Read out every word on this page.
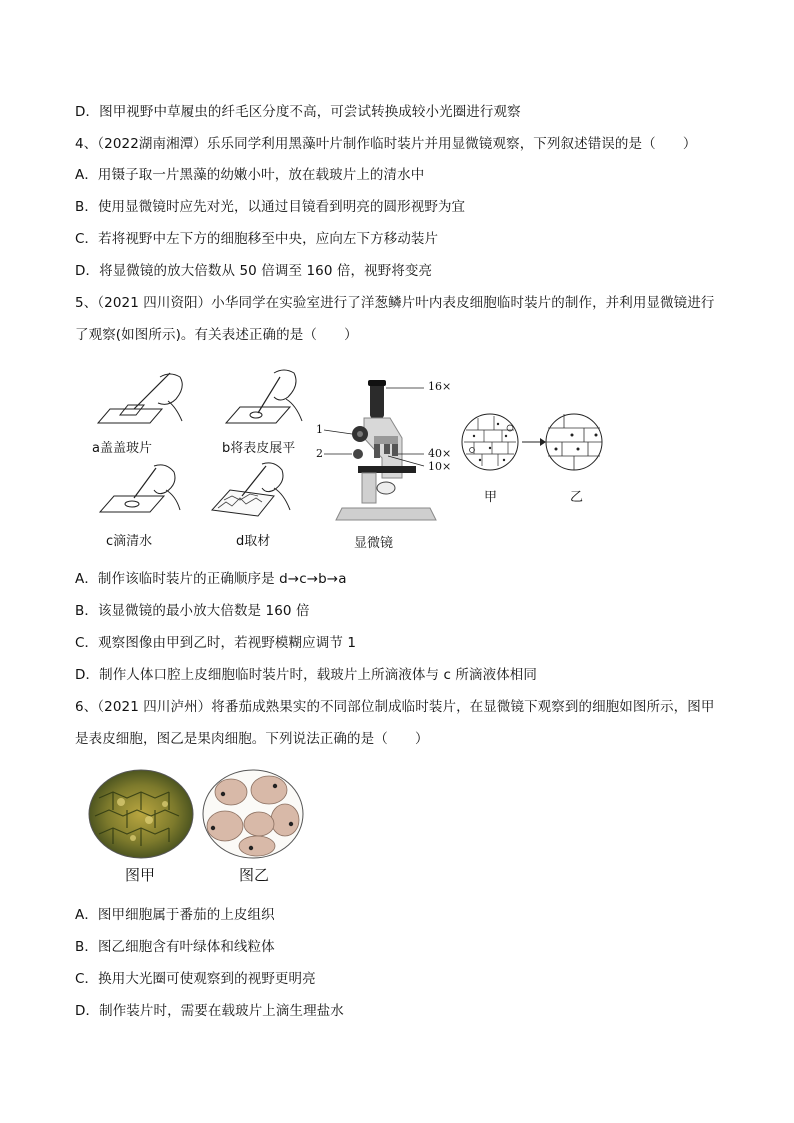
D．图甲视野中草履虫的纤毛区分度不高，可尝试转换成较小光圈进行观察
4、（2022湖南湘潭）乐乐同学利用黑藻叶片制作临时装片并用显微镜观察，下列叙述错误的是（　　）
A．用镊子取一片黑藻的幼嫩小叶，放在载玻片上的清水中
B．使用显微镜时应先对光，以通过目镜看到明亮的圆形视野为宜
C．若将视野中左下方的细胞移至中央，应向左下方移动装片
D．将显微镜的放大倍数从 50 倍调至 160 倍，视野将变亮
5、（2021 四川资阳）小华同学在实验室进行了洋葱鳞片叶内表皮细胞临时装片的制作，并利用显微镜进行
了观察(如图所示)。有关表述正确的是（　　）
a盖盖玻片	b将表皮展平
c滴清水	d取材
16×
1
2	40×
10×
显微镜
甲	乙
A．制作该临时装片的正确顺序是 d→c→b→a
B．该显微镜的最小放大倍数是 160 倍
C．观察图像由甲到乙时，若视野模糊应调节 1
D．制作人体口腔上皮细胞临时装片时，载玻片上所滴液体与 c 所滴液体相同
6、（2021 四川泸州）将番茄成熟果实的不同部位制成临时装片，在显微镜下观察到的细胞如图所示，图甲
是表皮细胞，图乙是果肉细胞。下列说法正确的是（　　）
图甲	图乙
A．图甲细胞属于番茄的上皮组织
B．图乙细胞含有叶绿体和线粒体
C．换用大光圈可使观察到的视野更明亮
D．制作装片时，需要在载玻片上滴生理盐水
